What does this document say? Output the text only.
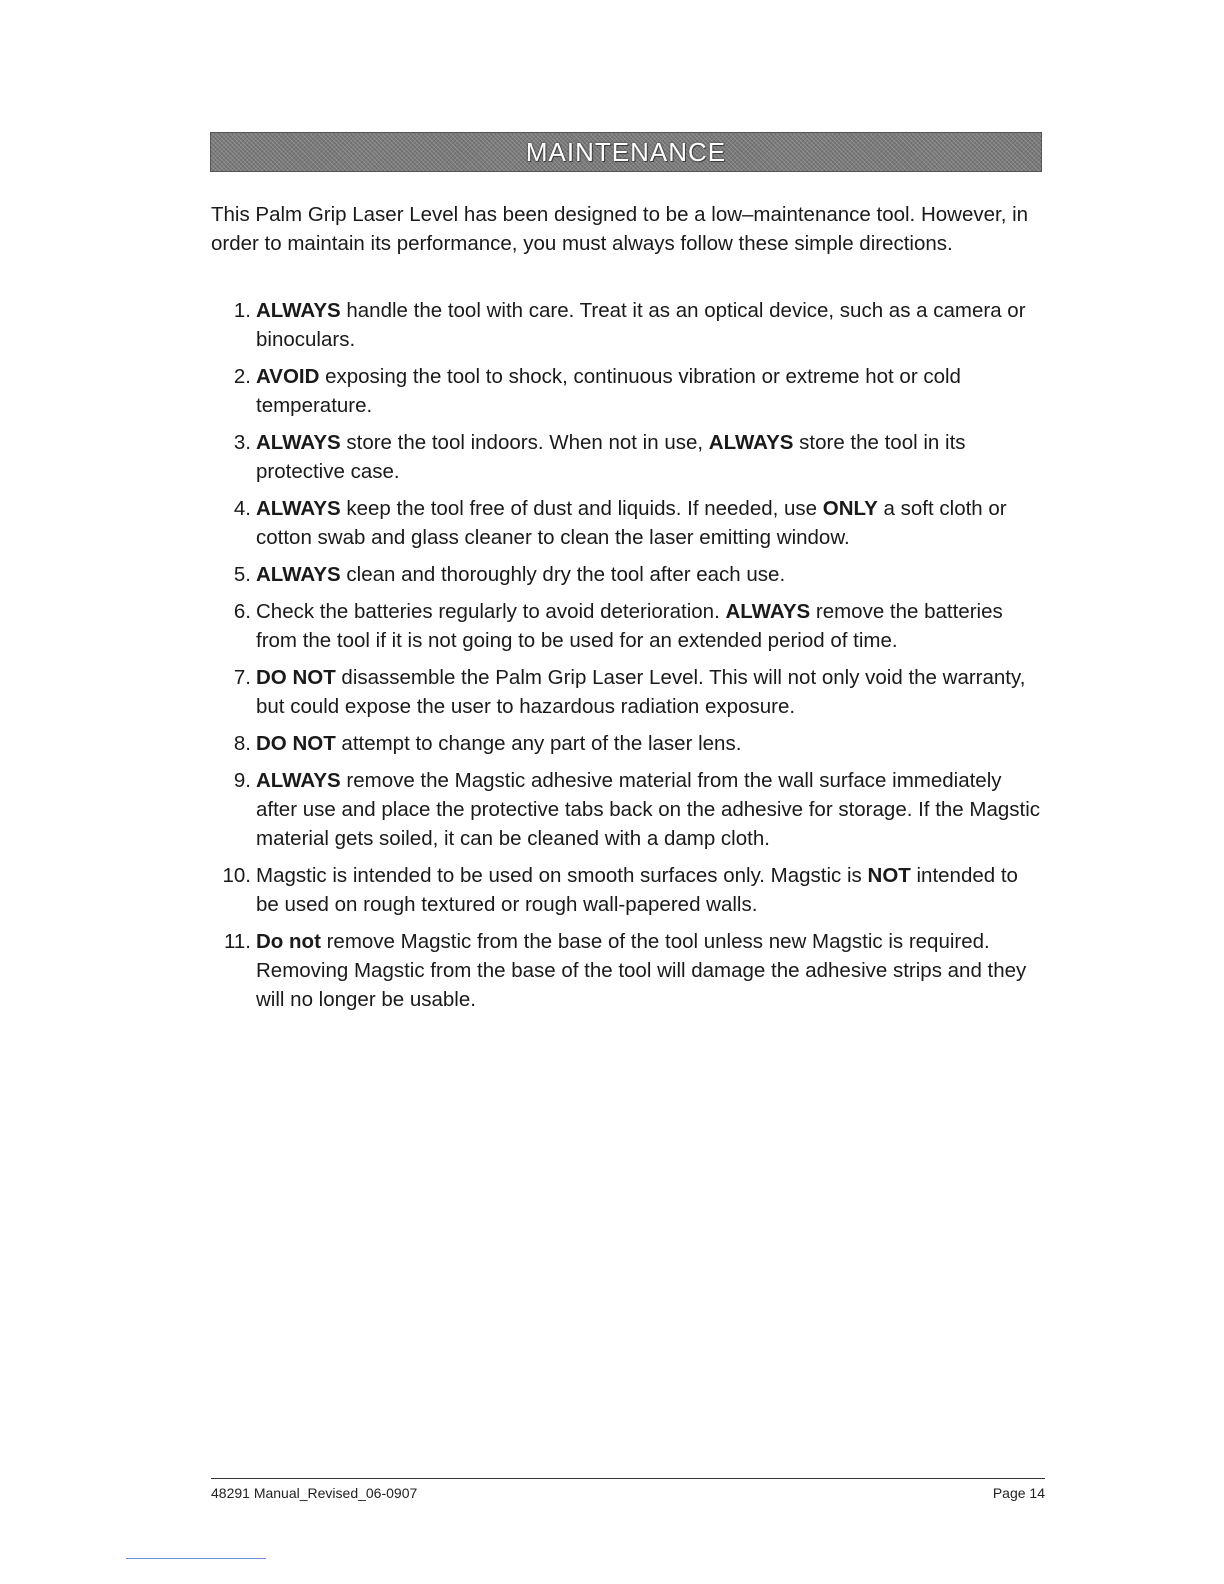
MAINTENANCE

This Palm Grip Laser Level has been designed to be a low–maintenance tool. However, in order to maintain its performance, you must always follow these simple directions.

1. ALWAYS handle the tool with care. Treat it as an optical device, such as a camera or binoculars.
2. AVOID exposing the tool to shock, continuous vibration or extreme hot or cold temperature.
3. ALWAYS store the tool indoors. When not in use, ALWAYS store the tool in its protective case.
4. ALWAYS keep the tool free of dust and liquids. If needed, use ONLY a soft cloth or cotton swab and glass cleaner to clean the laser emitting window.
5. ALWAYS clean and thoroughly dry the tool after each use.
6. Check the batteries regularly to avoid deterioration. ALWAYS remove the batteries from the tool if it is not going to be used for an extended period of time.
7. DO NOT disassemble the Palm Grip Laser Level. This will not only void the warranty, but could expose the user to hazardous radiation exposure.
8. DO NOT attempt to change any part of the laser lens.
9. ALWAYS remove the Magstic adhesive material from the wall surface immediately after use and place the protective tabs back on the adhesive for storage. If the Magstic material gets soiled, it can be cleaned with a damp cloth.
10. Magstic is intended to be used on smooth surfaces only. Magstic is NOT intended to be used on rough textured or rough wall-papered walls.
11. Do not remove Magstic from the base of the tool unless new Magstic is required. Removing Magstic from the base of the tool will damage the adhesive strips and they will no longer be usable.
48291 Manual_Revised_06-0907	Page 14
